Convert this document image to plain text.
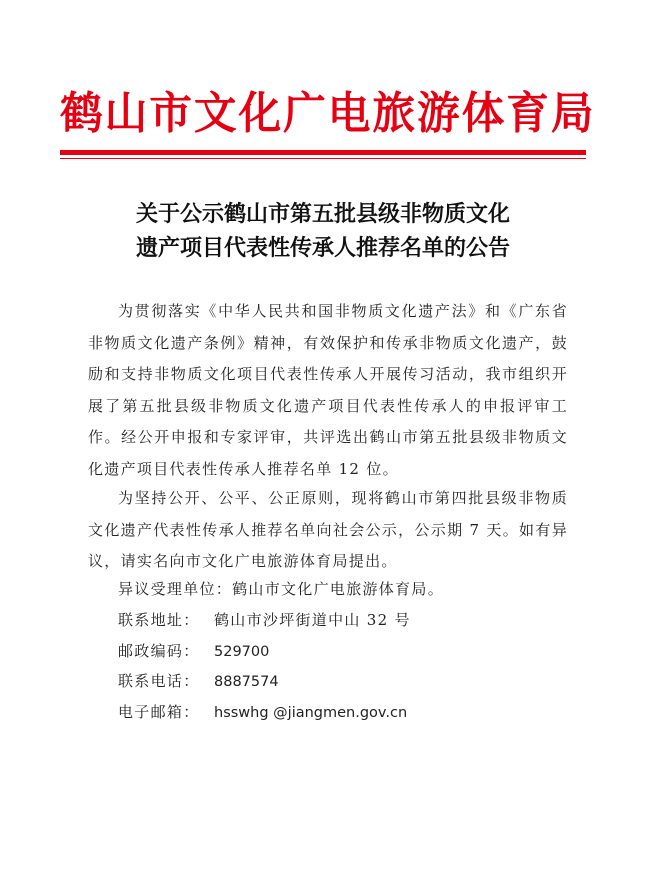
鹤山市文化广电旅游体育局
关于公示鹤山市第五批县级非物质文化
遗产项目代表性传承人推荐名单的公告
为贯彻落实《中华人民共和国非物质文化遗产法》和《广东省非物质文化遗产条例》精神，有效保护和传承非物质文化遗产，鼓励和支持非物质文化项目代表性传承人开展传习活动，我市组织开展了第五批县级非物质文化遗产项目代表性传承人的申报评审工作。经公开申报和专家评审，共评选出鹤山市第五批县级非物质文化遗产项目代表性传承人推荐名单 12 位。
为坚持公开、公平、公正原则，现将鹤山市第四批县级非物质文化遗产代表性传承人推荐名单向社会公示，公示期 7 天。如有异议，请实名向市文化广电旅游体育局提出。
异议受理单位：鹤山市文化广电旅游体育局。
联系地址： 鹤山市沙坪街道中山 32 号
邮政编码： 529700
联系电话： 8887574
电子邮箱： hsswhg @jiangmen.gov.cn
